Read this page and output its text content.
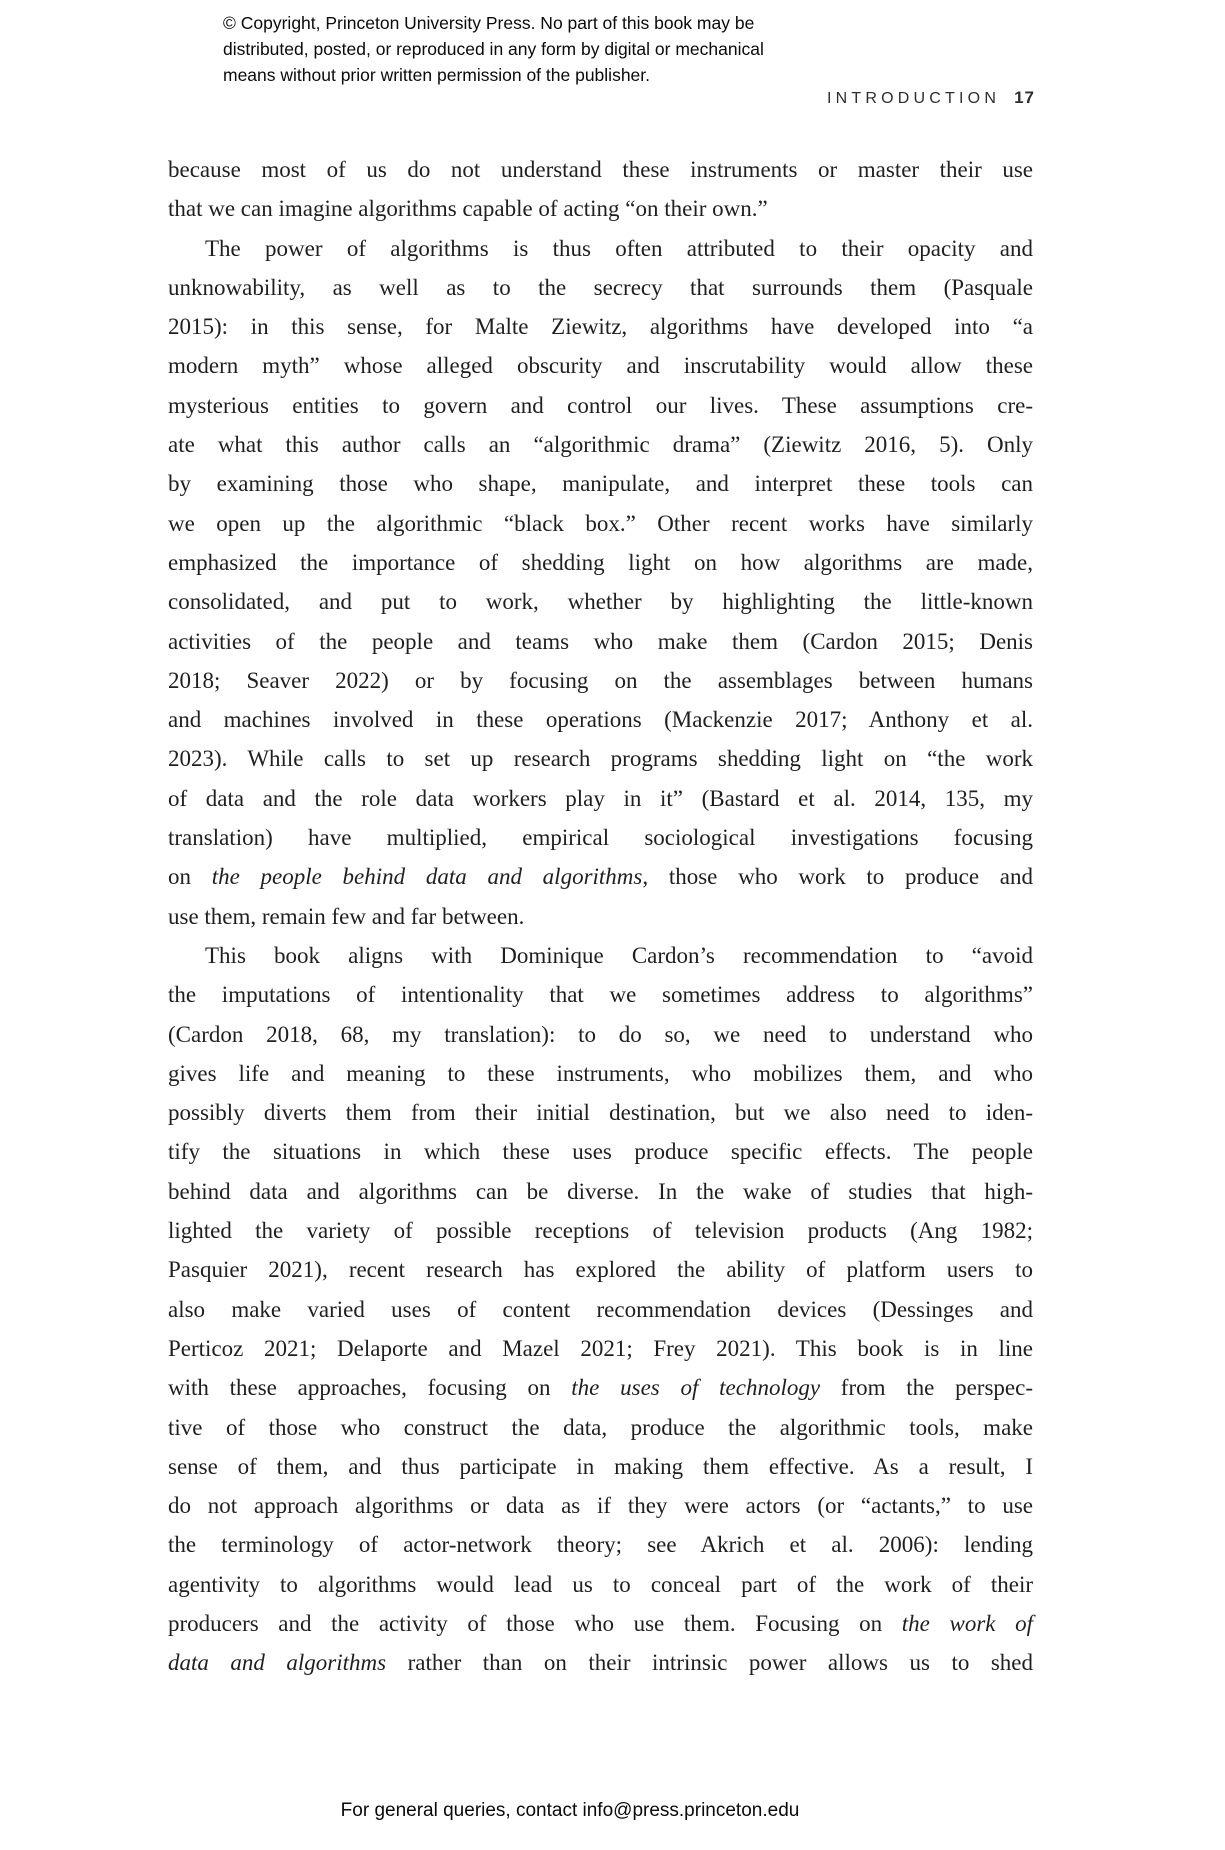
© Copyright, Princeton University Press. No part of this book may be
distributed, posted, or reproduced in any form by digital or mechanical
means without prior written permission of the publisher.
INTRODUCTION 17
because most of us do not understand these instruments or master their use
that we can imagine algorithms capable of acting “on their own.”
The power of algorithms is thus often attributed to their opacity and
unknowability, as well as to the secrecy that surrounds them (Pasquale
2015): in this sense, for Malte Ziewitz, algorithms have developed into “a
modern myth” whose alleged obscurity and inscrutability would allow these
mysterious entities to govern and control our lives. These assumptions cre-
ate what this author calls an “algorithmic drama” (Ziewitz 2016, 5). Only
by examining those who shape, manipulate, and interpret these tools can
we open up the algorithmic “black box.” Other recent works have similarly
emphasized the importance of shedding light on how algorithms are made,
consolidated, and put to work, whether by highlighting the little-known
activities of the people and teams who make them (Cardon 2015; Denis
2018; Seaver 2022) or by focusing on the assemblages between humans
and machines involved in these operations (Mackenzie 2017; Anthony et al.
2023). While calls to set up research programs shedding light on “the work
of data and the role data workers play in it” (Bastard et al. 2014, 135, my
translation) have multiplied, empirical sociological investigations focusing
on the people behind data and algorithms, those who work to produce and
use them, remain few and far between.
This book aligns with Dominique Cardon’s recommendation to “avoid
the imputations of intentionality that we sometimes address to algorithms”
(Cardon 2018, 68, my translation): to do so, we need to understand who
gives life and meaning to these instruments, who mobilizes them, and who
possibly diverts them from their initial destination, but we also need to iden-
tify the situations in which these uses produce specific effects. The people
behind data and algorithms can be diverse. In the wake of studies that high-
lighted the variety of possible receptions of television products (Ang 1982;
Pasquier 2021), recent research has explored the ability of platform users to
also make varied uses of content recommendation devices (Dessinges and
Perticoz 2021; Delaporte and Mazel 2021; Frey 2021). This book is in line
with these approaches, focusing on the uses of technology from the perspec-
tive of those who construct the data, produce the algorithmic tools, make
sense of them, and thus participate in making them effective. As a result, I
do not approach algorithms or data as if they were actors (or “actants,” to use
the terminology of actor-network theory; see Akrich et al. 2006): lending
agentivity to algorithms would lead us to conceal part of the work of their
producers and the activity of those who use them. Focusing on the work of
data and algorithms rather than on their intrinsic power allows us to shed
For general queries, contact info@press.princeton.edu
